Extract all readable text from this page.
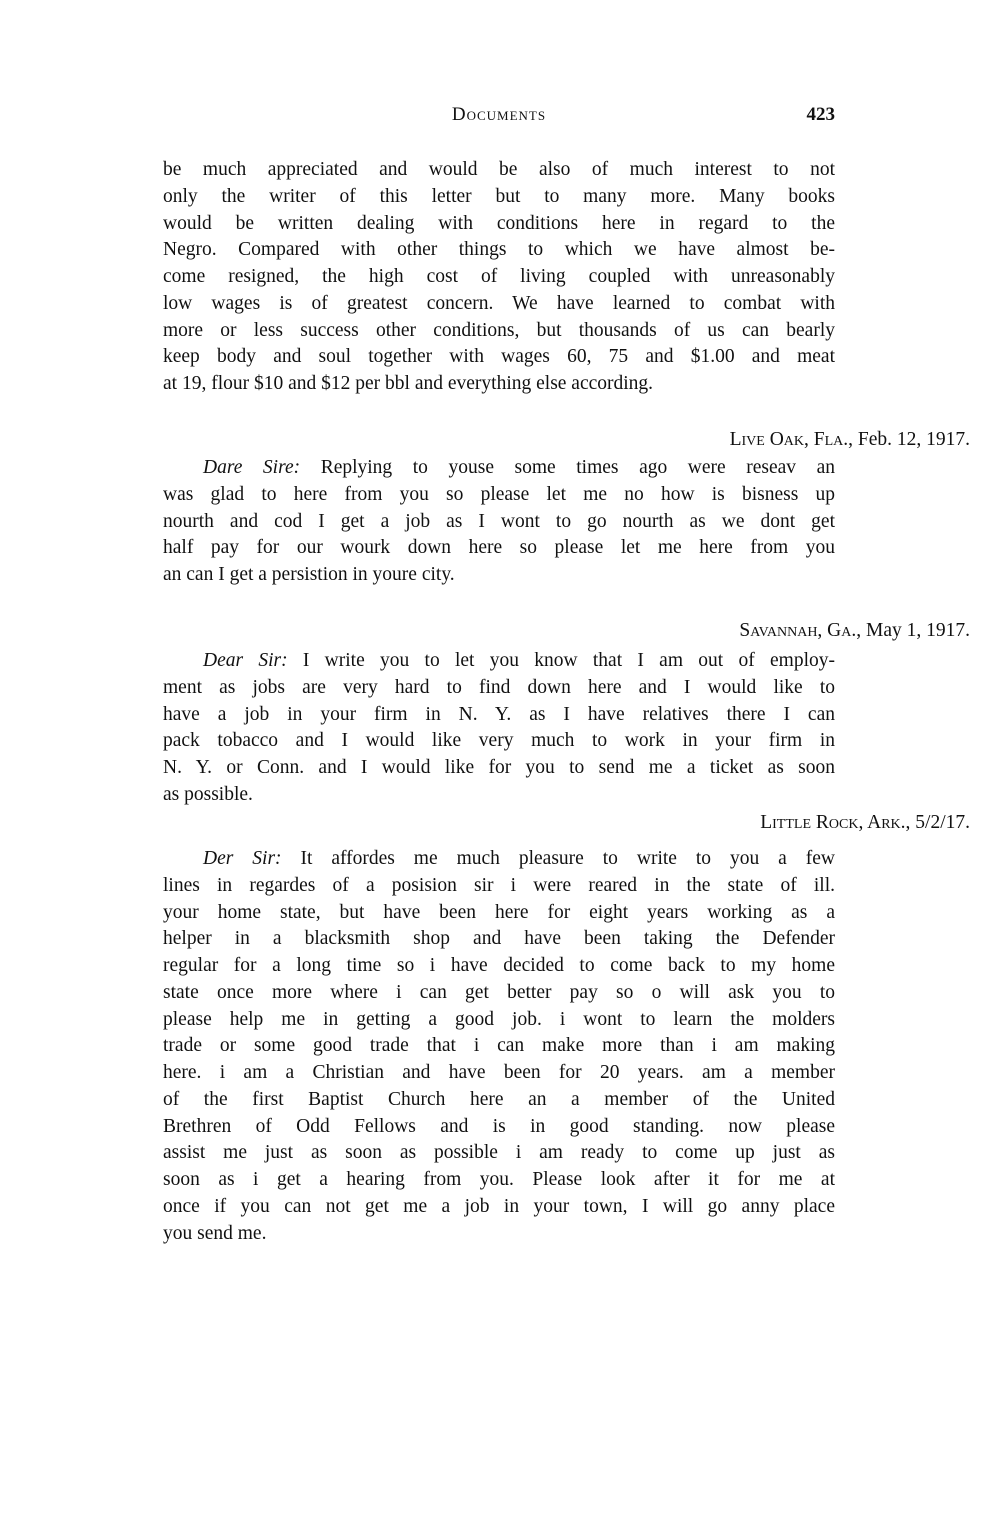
Documents	423
be much appreciated and would be also of much interest to not
only the writer of this letter but to many more. Many books
would be written dealing with conditions here in regard to the
Negro. Compared with other things to which we have almost be-
come resigned, the high cost of living coupled with unreasonably
low wages is of greatest concern. We have learned to combat with
more or less success other conditions, but thousands of us can bearly
keep body and soul together with wages 60, 75 and $1.00 and meat
at 19, flour $10 and $12 per bbl and everything else according.
Live Oak, Fla., Feb. 12, 1917.
Dare Sire: Replying to youse some times ago were reseav an
was glad to here from you so please let me no how is bisness up
nourth and cod I get a job as I wont to go nourth as we dont get
half pay for our wourk down here so please let me here from you
an can I get a persistion in youre city.
Savannah, Ga., May 1, 1917.
Dear Sir: I write you to let you know that I am out of employ-
ment as jobs are very hard to find down here and I would like to
have a job in your firm in N. Y. as I have relatives there I can
pack tobacco and I would like very much to work in your firm in
N. Y. or Conn. and I would like for you to send me a ticket as soon
as possible.
Little Rock, Ark., 5/2/17.
Der Sir: It affordes me much pleasure to write to you a few
lines in regardes of a posision sir i were reared in the state of ill.
your home state, but have been here for eight years working as a
helper in a blacksmith shop and have been taking the Defender
regular for a long time so i have decided to come back to my home
state once more where i can get better pay so o will ask you to
please help me in getting a good job. i wont to learn the molders
trade or some good trade that i can make more than i am making
here. i am a Christian and have been for 20 years. am a member
of the first Baptist Church here an a member of the United
Brethren of Odd Fellows and is in good standing. now please
assist me just as soon as possible i am ready to come up just as
soon as i get a hearing from you. Please look after it for me at
once if you can not get me a job in your town, I will go anny place
you send me.
